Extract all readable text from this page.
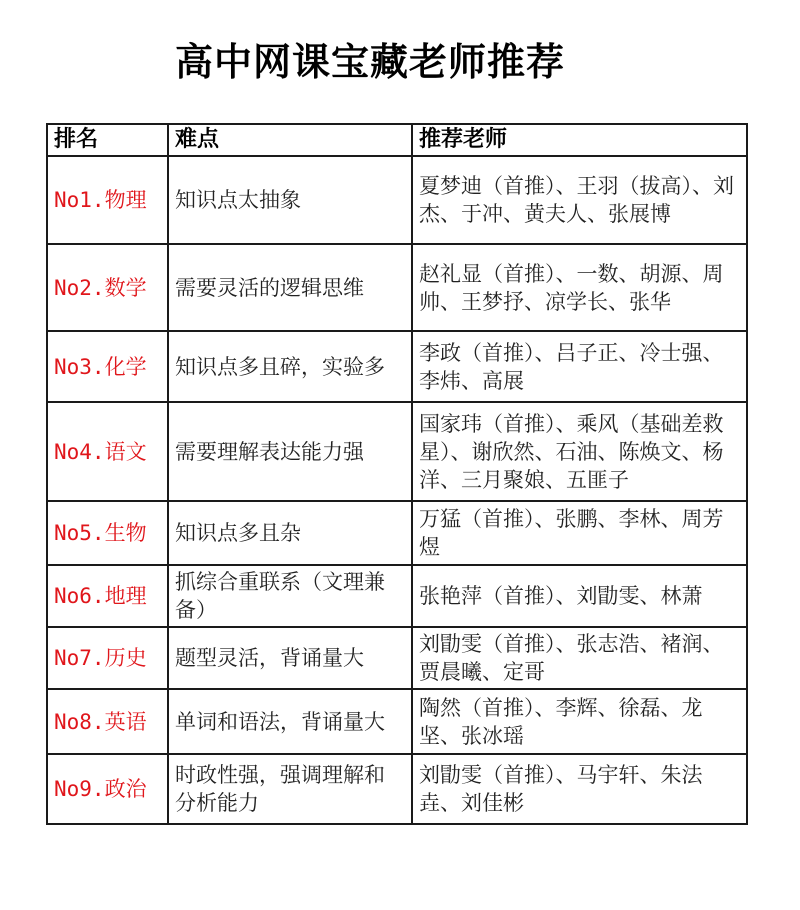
高中网课宝藏老师推荐
排名	难点	推荐老师
No1.物理	知识点太抽象	夏梦迪（首推）、王羽（拔高）、刘杰、于冲、黄夫人、张展博
No2.数学	需要灵活的逻辑思维	赵礼显（首推）、一数、胡源、周帅、王梦抒、凉学长、张华
No3.化学	知识点多且碎，实验多	李政（首推）、吕子正、冷士强、李炜、高展
No4.语文	需要理解表达能力强	国家玮（首推）、乘风（基础差救星）、谢欣然、石油、陈焕文、杨洋、三月聚娘、五匪子
No5.生物	知识点多且杂	万猛（首推）、张鹏、李林、周芳煜
No6.地理	抓综合重联系（文理兼备）	张艳萍（首推）、刘勖雯、林萧
No7.历史	题型灵活，背诵量大	刘勖雯（首推）、张志浩、褚润、贾晨曦、定哥
No8.英语	单词和语法，背诵量大	陶然（首推）、李辉、徐磊、龙坚、张冰瑶
No9.政治	时政性强，强调理解和分析能力	刘勖雯（首推）、马宇轩、朱法垚、刘佳彬
